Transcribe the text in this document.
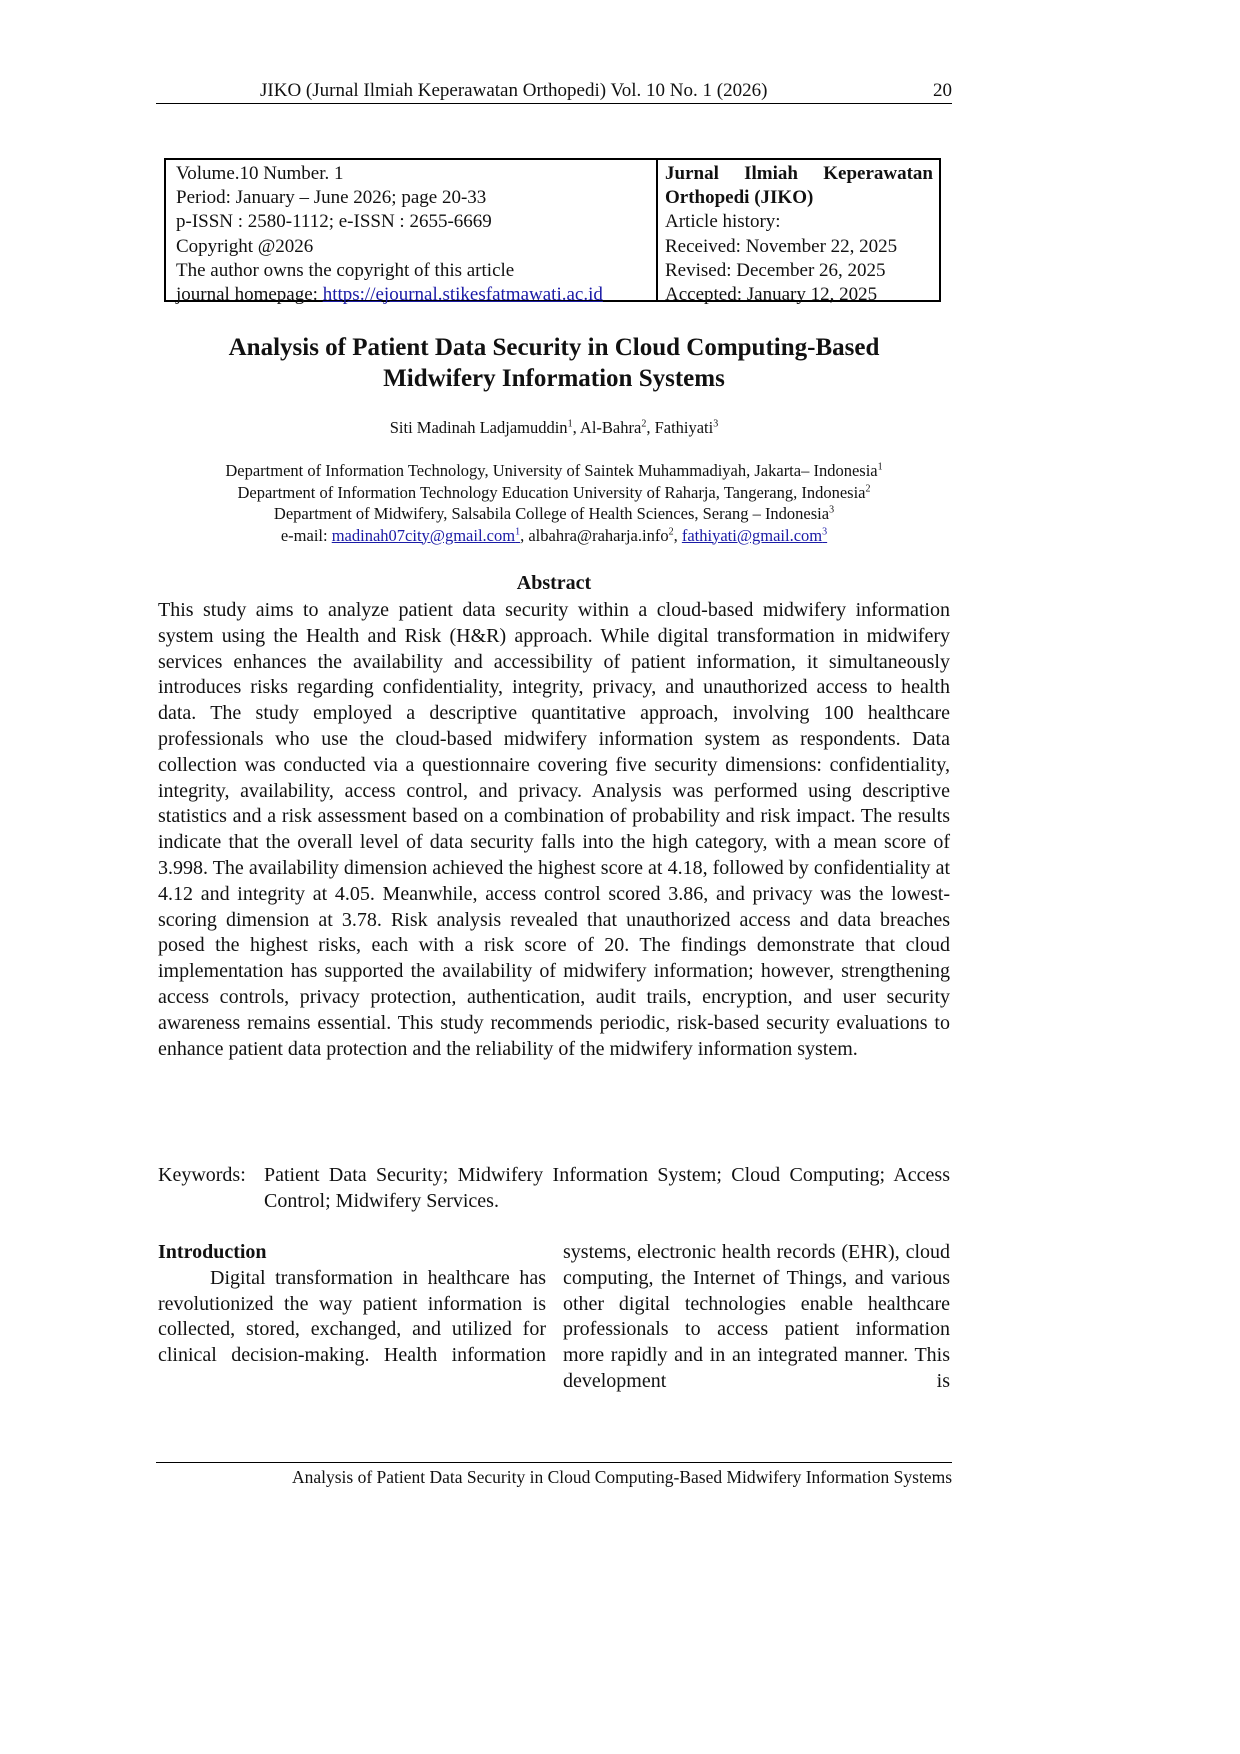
JIKO (Jurnal Ilmiah Keperawatan Orthopedi) Vol. 10 No. 1 (2026)	20
Volume.10 Number. 1
Period: January – June 2026; page 20-33
p-ISSN : 2580-1112; e-ISSN : 2655-6669
Copyright @2026
The author owns the copyright of this article
journal homepage: https://ejournal.stikesfatmawati.ac.id
Jurnal Ilmiah Keperawatan
Orthopedi (JIKO)
Article history:
Received: November 22, 2025
Revised: December 26, 2025
Accepted: January 12, 2025
Analysis of Patient Data Security in Cloud Computing-Based
Midwifery Information Systems
Siti Madinah Ladjamuddin$^1$, Al-Bahra$^2$, Fathiyati$^3$
Department of Information Technology, University of Saintek Muhammadiyah, Jakarta– Indonesia$^1$
Department of Information Technology Education University of Raharja, Tangerang, Indonesia$^2$
Department of Midwifery, Salsabila College of Health Sciences, Serang – Indonesia$^3$
e-mail: madinah07city@gmail.com$^1$, albahra@raharja.info$^2$, fathiyati@gmail.com$^3$
Abstract

This study aims to analyze patient data security within a cloud-based midwifery information system using the Health and Risk (H&R) approach. While digital transformation in midwifery services enhances the availability and accessibility of patient information, it simultaneously introduces risks regarding confidentiality, integrity, privacy, and unauthorized access to health data. The study employed a descriptive quantitative approach, involving 100 healthcare professionals who use the cloud-based midwifery information system as respondents. Data collection was conducted via a questionnaire covering five security dimensions: confidentiality, integrity, availability, access control, and privacy. Analysis was performed using descriptive statistics and a risk assessment based on a combination of probability and risk impact. The results indicate that the overall level of data security falls into the high category, with a mean score of 3.998. The availability dimension achieved the highest score at 4.18, followed by confidentiality at 4.12 and integrity at 4.05. Meanwhile, access control scored 3.86, and privacy was the lowest-scoring dimension at 3.78. Risk analysis revealed that unauthorized access and data breaches posed the highest risks, each with a risk score of 20. The findings demonstrate that cloud implementation has supported the availability of midwifery information; however, strengthening access controls, privacy protection, authentication, audit trails, encryption, and user security awareness remains essential. This study recommends periodic, risk-based security evaluations to enhance patient data protection and the reliability of the midwifery information system.

Keywords: Patient Data Security; Midwifery Information System; Cloud Computing; Access Control; Midwifery Services.
Introduction

Digital transformation in healthcare has revolutionized the way patient information is collected, stored, exchanged, and utilized for clinical decision-making. Health information

systems, electronic health records (EHR), cloud computing, the Internet of Things, and various other digital technologies enable healthcare professionals to access patient information more rapidly and in an integrated manner. This development is

Analysis of Patient Data Security in Cloud Computing-Based Midwifery Information Systems
